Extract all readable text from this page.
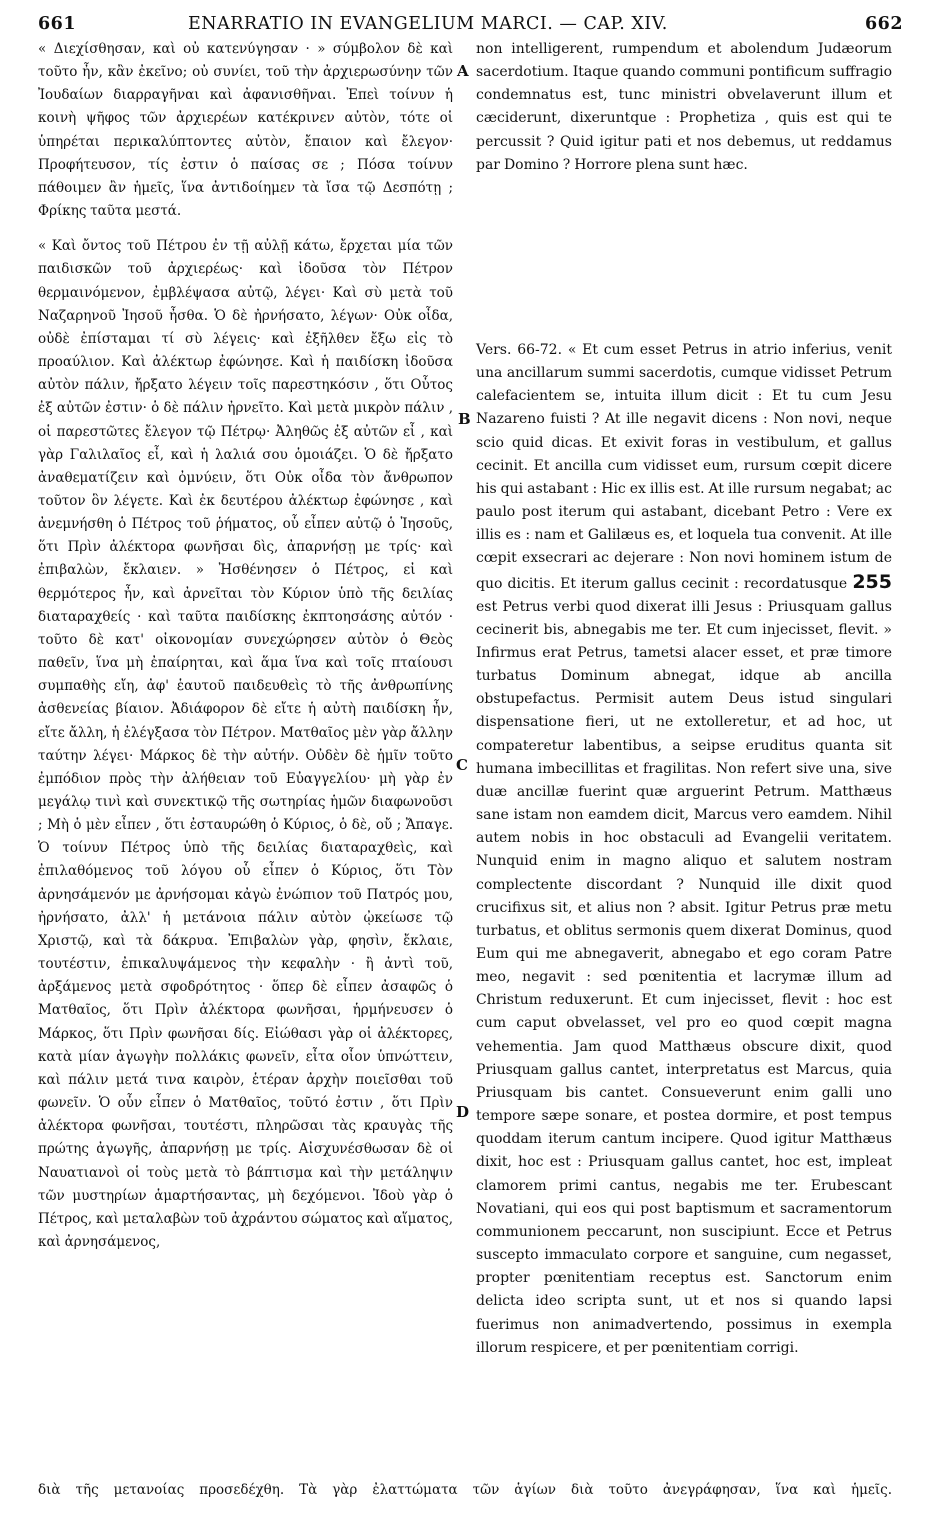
661	ENARRATIO IN EVANGELIUM MARCI. — CAP. XIV.	662

« Διεχίσθησαν, καὶ οὐ κατενύγησαν · » σύμβολον δὲ καὶ τοῦτο ἦν, κἂν ἐκεῖνο; οὐ συνίει, τοῦ τὴν ἀρχιερωσύνην τῶν Ἰουδαίων διαρραγῆναι καὶ ἀφανισθῆναι. Ἐπεὶ τοίνυν ἡ κοινὴ ψῆφος τῶν ἀρχιερέων κατέκρινεν αὐτὸν, τότε οἱ ὑπηρέται περικαλύπτοντες αὐτὸν, ἔπαιον καὶ ἔλεγον· Προφήτευσον, τίς ἐστιν ὁ παίσας σε ; Πόσα τοίνυν πάθοιμεν ἂν ἡμεῖς, ἵνα ἀντιδοίημεν τὰ ἴσα τῷ Δεσπότῃ ; Φρίκης ταῦτα μεστά.

« Καὶ ὄντος τοῦ Πέτρου ἐν τῇ αὐλῇ κάτω, ἔρχεται μία τῶν παιδισκῶν τοῦ ἀρχιερέως· καὶ ἰδοῦσα τὸν Πέτρον θερμαινόμενον, ἐμβλέψασα αὐτῷ, λέγει· Καὶ σὺ μετὰ τοῦ Ναζαρηνοῦ Ἰησοῦ ἦσθα. Ὁ δὲ ἠρνήσατο, λέγων· Οὐκ οἶδα, οὐδὲ ἐπίσταμαι τί σὺ λέγεις· καὶ ἐξῆλθεν ἔξω εἰς τὸ προαύλιον. Καὶ ἀλέκτωρ ἐφώνησε. Καὶ ἡ παιδίσκη ἰδοῦσα αὐτὸν πάλιν, ἤρξατο λέγειν τοῖς παρεστηκόσιν , ὅτι Οὗτος ἐξ αὐτῶν ἐστιν· ὁ δὲ πάλιν ἠρνεῖτο. Καὶ μετὰ μικρὸν πάλιν , οἱ παρεστῶτες ἔλεγον τῷ Πέτρῳ· Ἀληθῶς ἐξ αὐτῶν εἶ , καὶ γὰρ Γαλιλαῖος εἶ, καὶ ἡ λαλιά σου ὁμοιάζει. Ὁ δὲ ἤρξατο ἀναθεματίζειν καὶ ὀμνύειν, ὅτι Οὐκ οἶδα τὸν ἄνθρωπον τοῦτον ὃν λέγετε. Καὶ ἐκ δευτέρου ἀλέκτωρ ἐφώνησε , καὶ ἀνεμνήσθη ὁ Πέτρος τοῦ ῥήματος, οὗ εἶπεν αὐτῷ ὁ Ἰησοῦς, ὅτι Πρὶν ἀλέκτορα φωνῆσαι δὶς, ἀπαρνήσῃ με τρίς· καὶ ἐπιβαλὼν, ἔκλαιεν. » Ἠσθένησεν ὁ Πέτρος, εἰ καὶ θερμότερος ἦν, καὶ ἀρνεῖται τὸν Κύριον ὑπὸ τῆς δειλίας διαταραχθείς · καὶ ταῦτα παιδίσκης ἐκπτοησάσης αὐτόν · τοῦτο δὲ κατ' οἰκονομίαν συνεχώρησεν αὐτὸν ὁ Θεὸς παθεῖν, ἵνα μὴ ἐπαίρηται, καὶ ἅμα ἵνα καὶ τοῖς πταίουσι συμπαθὴς εἴη, ἀφ' ἑαυτοῦ παιδευθεὶς τὸ τῆς ἀνθρωπίνης ἀσθενείας βίαιον. Ἀδιάφορον δὲ εἴτε ἡ αὐτὴ παιδίσκη ἦν, εἴτε ἄλλη, ἡ ἐλέγξασα τὸν Πέτρον. Ματθαῖος μὲν γὰρ ἄλλην ταύτην λέγει· Μάρκος δὲ τὴν αὐτήν. Οὐδὲν δὲ ἡμῖν τοῦτο ἐμπόδιον πρὸς τὴν ἀλήθειαν τοῦ Εὐαγγελίου· μὴ γὰρ ἐν μεγάλῳ τινὶ καὶ συνεκτικῷ τῆς σωτηρίας ἡμῶν διαφωνοῦσι ; Μὴ ὁ μὲν εἶπεν , ὅτι ἐσταυρώθη ὁ Κύριος, ὁ δὲ, οὔ ; Ἄπαγε. Ὁ τοίνυν Πέτρος ὑπὸ τῆς δειλίας διαταραχθεὶς, καὶ ἐπιλαθόμενος τοῦ λόγου οὗ εἶπεν ὁ Κύριος, ὅτι Τὸν ἀρνησάμενόν με ἀρνήσομαι κἀγὼ ἐνώπιον τοῦ Πατρός μου, ἠρνήσατο, ἀλλ' ἡ μετάνοια πάλιν αὐτὸν ᾠκείωσε τῷ Χριστῷ, καὶ τὰ δάκρυα. Ἐπιβαλὼν γὰρ, φησὶν, ἔκλαιε, τουτέστιν, ἐπικαλυψάμενος τὴν κεφαλὴν · ἢ ἀντὶ τοῦ, ἀρξάμενος μετὰ σφοδρότητος · ὅπερ δὲ εἶπεν ἀσαφῶς ὁ Ματθαῖος, ὅτι Πρὶν ἀλέκτορα φωνῆσαι, ἡρμήνευσεν ὁ Μάρκος, ὅτι Πρὶν φωνῆσαι δίς. Εἰώθασι γὰρ οἱ ἀλέκτορες, κατὰ μίαν ἀγωγὴν πολλάκις φωνεῖν, εἶτα οἷον ὑπνώττειν, καὶ πάλιν μετά τινα καιρὸν, ἑτέραν ἀρχὴν ποιεῖσθαι τοῦ φωνεῖν. Ὁ οὖν εἶπεν ὁ Ματθαῖος, τοῦτό ἐστιν , ὅτι Πρὶν ἀλέκτορα φωνῆσαι, τουτέστι, πληρῶσαι τὰς κραυγὰς τῆς πρώτης ἀγωγῆς, ἀπαρνήσῃ με τρίς. Αἰσχυνέσθωσαν δὲ οἱ Ναυατιανοὶ οἱ τοὺς μετὰ τὸ βάπτισμα καὶ τὴν μετάληψιν τῶν μυστηρίων ἁμαρτήσαντας, μὴ δεχόμενοι. Ἰδοὺ γὰρ ὁ Πέτρος, καὶ μεταλαβὼν τοῦ ἀχράντου σώματος καὶ αἵματος, καὶ ἀρνησάμενος,

A
B
C
D

non intelligerent, rumpendum et abolendum Judæorum sacerdotium. Itaque quando communi pontificum suffragio condemnatus est, tunc ministri obvelaverunt illum et cæciderunt, dixeruntque : Prophetiza , quis est qui te percussit ? Quid igitur pati et nos debemus, ut reddamus par Domino ? Horrore plena sunt hæc.

Vers. 66-72. « Et cum esset Petrus in atrio inferius, venit una ancillarum summi sacerdotis, cumque vidisset Petrum calefacientem se, intuita illum dicit : Et tu cum Jesu Nazareno fuisti ? At ille negavit dicens : Non novi, neque scio quid dicas. Et exivit foras in vestibulum, et gallus cecinit. Et ancilla cum vidisset eum, rursum cœpit dicere his qui astabant : Hic ex illis est. At ille rursum negabat; ac paulo post iterum qui astabant, dicebant Petro : Vere ex illis es : nam et Galilæus es, et loquela tua convenit. At ille cœpit exsecrari ac dejerare : Non novi hominem istum de quo dicitis. Et iterum gallus cecinit : recordatusque 255 est Petrus verbi quod dixerat illi Jesus : Priusquam gallus cecinerit bis, abnegabis me ter. Et cum injecisset, flevit. » Infirmus erat Petrus, tametsi alacer esset, et præ timore turbatus Dominum abnegat, idque ab ancilla obstupefactus. Permisit autem Deus istud singulari dispensatione fieri, ut ne extolleretur, et ad hoc, ut compateretur labentibus, a seipse eruditus quanta sit humana imbecillitas et fragilitas. Non refert sive una, sive duæ ancillæ fuerint quæ arguerint Petrum. Matthæus sane istam non eamdem dicit, Marcus vero eamdem. Nihil autem nobis in hoc obstaculi ad Evangelii veritatem. Nunquid enim in magno aliquo et salutem nostram complectente discordant ? Nunquid ille dixit quod crucifixus sit, et alius non ? absit. Igitur Petrus præ metu turbatus, et oblitus sermonis quem dixerat Dominus, quod Eum qui me abnegaverit, abnegabo et ego coram Patre meo, negavit : sed pœnitentia et lacrymæ illum ad Christum reduxerunt. Et cum injecisset, flevit : hoc est cum caput obvelasset, vel pro eo quod cœpit magna vehementia. Jam quod Matthæus obscure dixit, quod Priusquam gallus cantet, interpretatus est Marcus, quia Priusquam bis cantet. Consueverunt enim galli uno tempore sæpe sonare, et postea dormire, et post tempus quoddam iterum cantum incipere. Quod igitur Matthæus dixit, hoc est : Priusquam gallus cantet, hoc est, impleat clamorem primi cantus, negabis me ter. Erubescant Novatiani, qui eos qui post baptismum et sacramentorum communionem peccarunt, non suscipiunt. Ecce et Petrus suscepto immaculato corpore et sanguine, cum negasset, propter pœnitentiam receptus est. Sanctorum enim delicta ideo scripta sunt, ut et nos si quando lapsi fuerimus non animadvertendo, possimus in exempla illorum respicere, et per pœnitentiam corrigi.

διὰ τῆς μετανοίας προσεδέχθη. Τὰ γὰρ ἐλαττώματα τῶν ἁγίων διὰ τοῦτο ἀνεγράφησαν, ἵνα καὶ ἡμεῖς.
